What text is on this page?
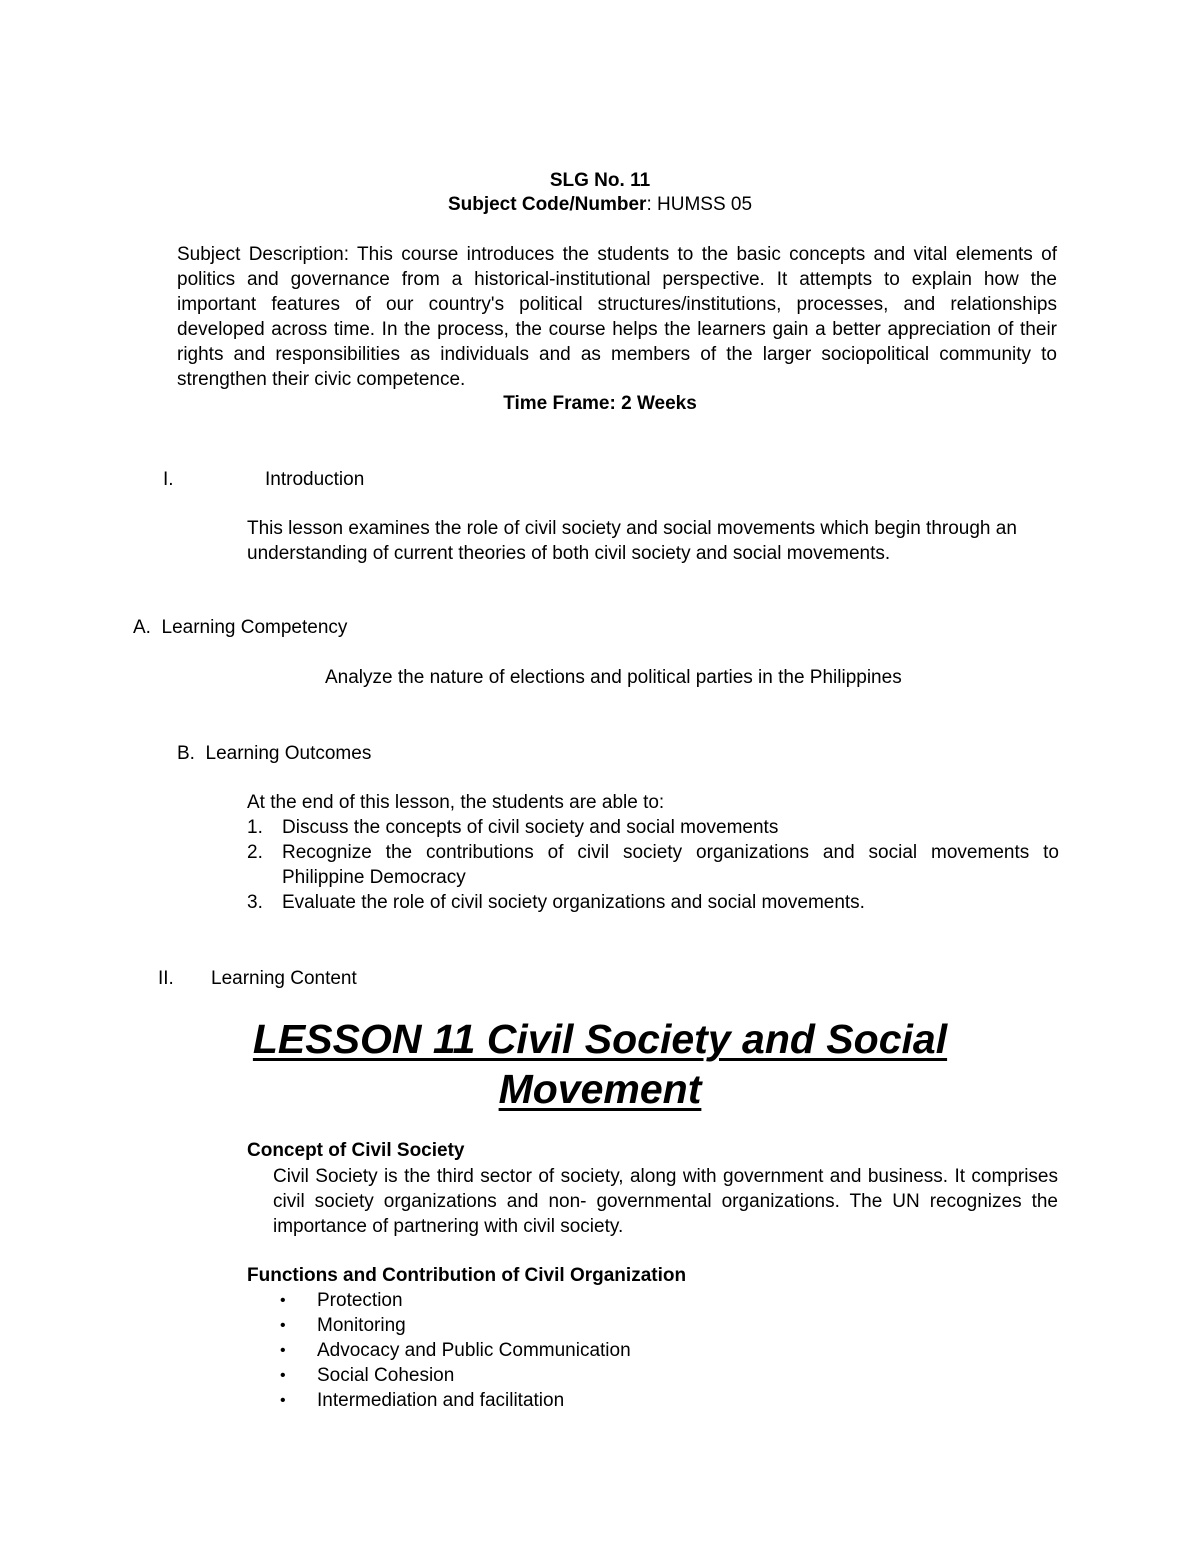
SLG No. 11
Subject Code/Number: HUMSS 05

Subject Description: This course introduces the students to the basic concepts and vital elements of politics and governance from a historical-institutional perspective. It attempts to explain how the important features of our country's political structures/institutions, processes, and relationships developed across time. In the process, the course helps the learners gain a better appreciation of their rights and responsibilities as individuals and as members of the larger sociopolitical community to strengthen their civic competence.

Time Frame: 2 Weeks
I.	Introduction

This lesson examines the role of civil society and social movements which begin through an understanding of current theories of both civil society and social movements.

A.  Learning Competency
Analyze the nature of elections and political parties in the Philippines
B.  Learning Outcomes
At the end of this lesson, the students are able to:
1. Discuss the concepts of civil society and social movements
2. Recognize the contributions of civil society organizations and social movements to Philippine Democracy
3. Evaluate the role of civil society organizations and social movements.
II. Learning Content
LESSON 11 Civil Society and Social
Movement
Concept of Civil Society

Civil Society is the third sector of society, along with government and business. It comprises civil society organizations and non- governmental organizations. The UN recognizes the importance of partnering with civil society.

Functions and Contribution of Civil Organization
• Protection
• Monitoring
• Advocacy and Public Communication
• Social Cohesion
• Intermediation and facilitation
